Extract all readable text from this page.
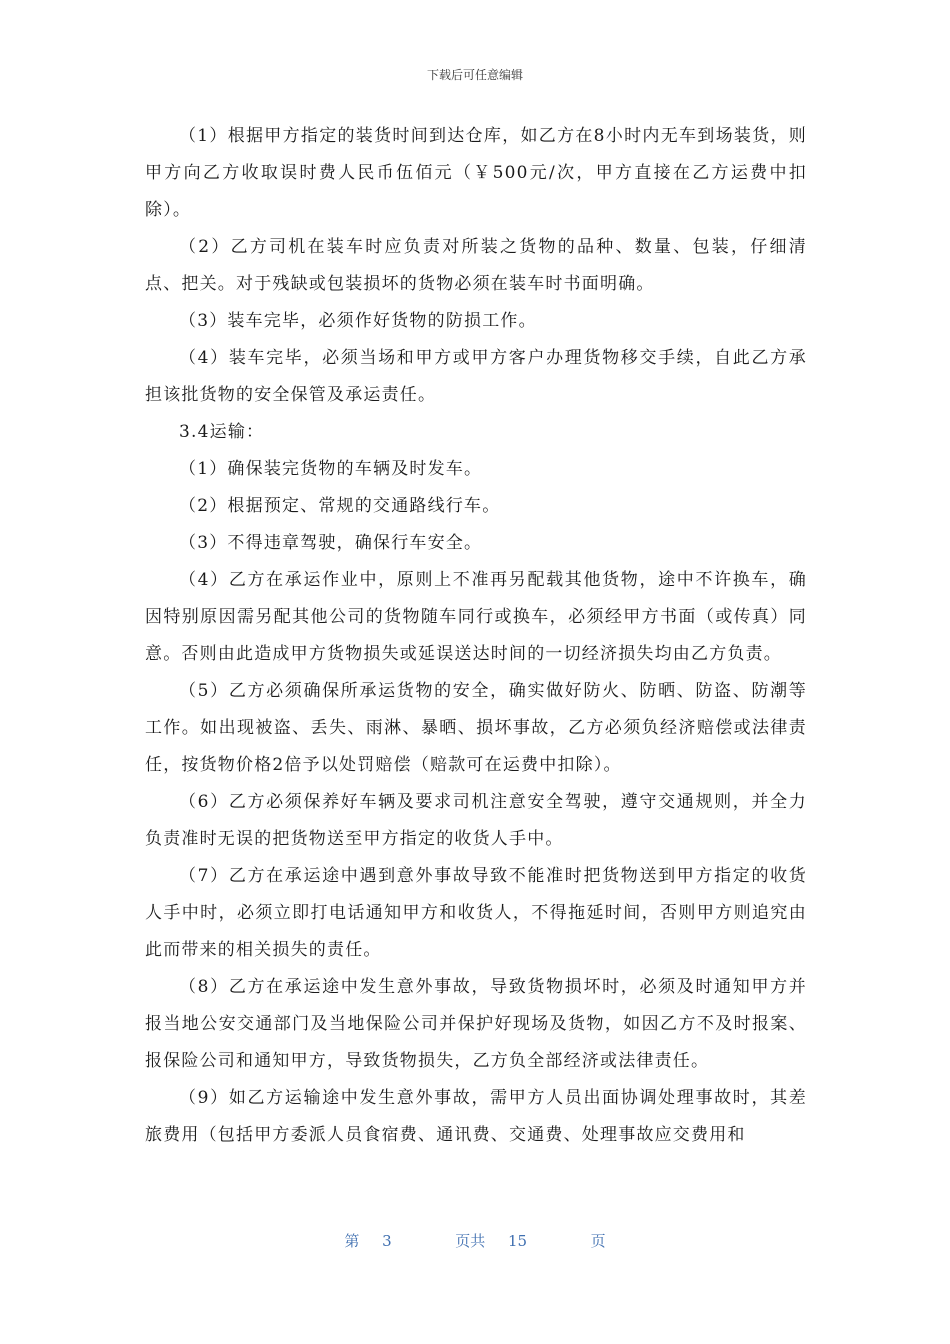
下载后可任意编辑

（1）根据甲方指定的装货时间到达仓库，如乙方在8小时内无车到场装货，则甲方向乙方收取误时费人民币伍佰元（￥500元/次，甲方直接在乙方运费中扣除）。

（2）乙方司机在装车时应负责对所装之货物的品种、数量、包装，仔细清点、把关。对于残缺或包装损坏的货物必须在装车时书面明确。

（3）装车完毕，必须作好货物的防损工作。

（4）装车完毕，必须当场和甲方或甲方客户办理货物移交手续，自此乙方承担该批货物的安全保管及承运责任。

3.4运输：

（1）确保装完货物的车辆及时发车。

（2）根据预定、常规的交通路线行车。

（3）不得违章驾驶，确保行车安全。

（4）乙方在承运作业中，原则上不准再另配载其他货物，途中不许换车，确因特别原因需另配其他公司的货物随车同行或换车，必须经甲方书面（或传真）同意。否则由此造成甲方货物损失或延误送达时间的一切经济损失均由乙方负责。

（5）乙方必须确保所承运货物的安全，确实做好防火、防晒、防盗、防潮等工作。如出现被盗、丢失、雨淋、暴晒、损坏事故，乙方必须负经济赔偿或法律责任，按货物价格2倍予以处罚赔偿（赔款可在运费中扣除）。

（6）乙方必须保养好车辆及要求司机注意安全驾驶，遵守交通规则，并全力负责准时无误的把货物送至甲方指定的收货人手中。

（7）乙方在承运途中遇到意外事故导致不能准时把货物送到甲方指定的收货人手中时，必须立即打电话通知甲方和收货人，不得拖延时间，否则甲方则追究由此而带来的相关损失的责任。

（8）乙方在承运途中发生意外事故，导致货物损坏时，必须及时通知甲方并报当地公安交通部门及当地保险公司并保护好现场及货物，如因乙方不及时报案、报保险公司和通知甲方，导致货物损失，乙方负全部经济或法律责任。

（9）如乙方运输途中发生意外事故，需甲方人员出面协调处理事故时，其差旅费用（包括甲方委派人员食宿费、通讯费、交通费、处理事故应交费用和

第 3	页共 15	页
